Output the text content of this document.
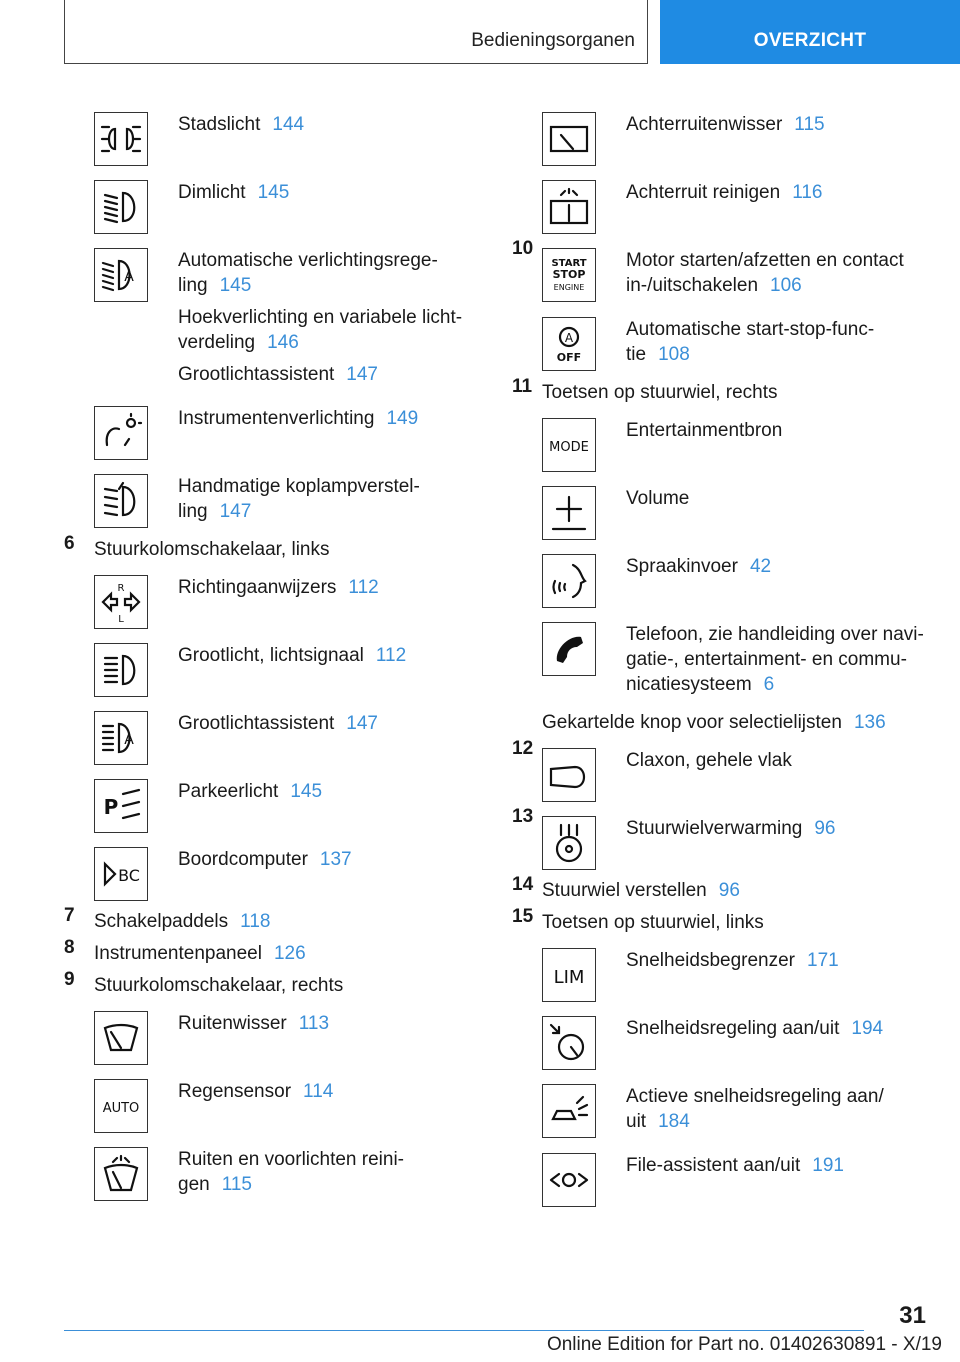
Bedieningsorganen	OVERZICHT
Stadslicht 144
Dimlicht 145
A
Automatische verlichtingsrege-
ling 145
Hoekverlichting en variabele licht-
verdeling 146
Grootlichtassistent 147
Instrumentenverlichting 149
Handmatige koplampverstel-
ling 147
6	Stuurkolomschakelaar, links
R
L
Richtingaanwijzers 112
Grootlicht, lichtsignaal 112
A
Grootlichtassistent 147
P
Parkeerlicht 145
BC
Boordcomputer 137
7	Schakelpaddels 118
8	Instrumentenpaneel 126
9	Stuurkolomschakelaar, rechts
Ruitenwisser 113
AUTO
Regensensor 114
Ruiten en voorlichten reini-
gen 115
Achterruitenwisser 115
Achterruit reinigen 116
10
START
STOP
ENGINE
Motor starten/afzetten en contact
in-/uitschakelen 106
A
OFF
Automatische start-stop-func-
tie 108
11 Toetsen op stuurwiel, rechts
MODE
Entertainmentbron
Volume
Spraakinvoer 42
Telefoon, zie handleiding over navi-
gatie-, entertainment- en commu-
nicatiesysteem 6
Gekartelde knop voor selectielijsten 136
12
Claxon, gehele vlak
13
Stuurwielverwarming 96
14 Stuurwiel verstellen 96
15 Toetsen op stuurwiel, links
LIM
Snelheidsbegrenzer 171
Snelheidsregeling aan/uit 194
Actieve snelheidsregeling aan/
uit 184
File-assistent aan/uit 191
31
Online Edition for Part no. 01402630891 - X/19
